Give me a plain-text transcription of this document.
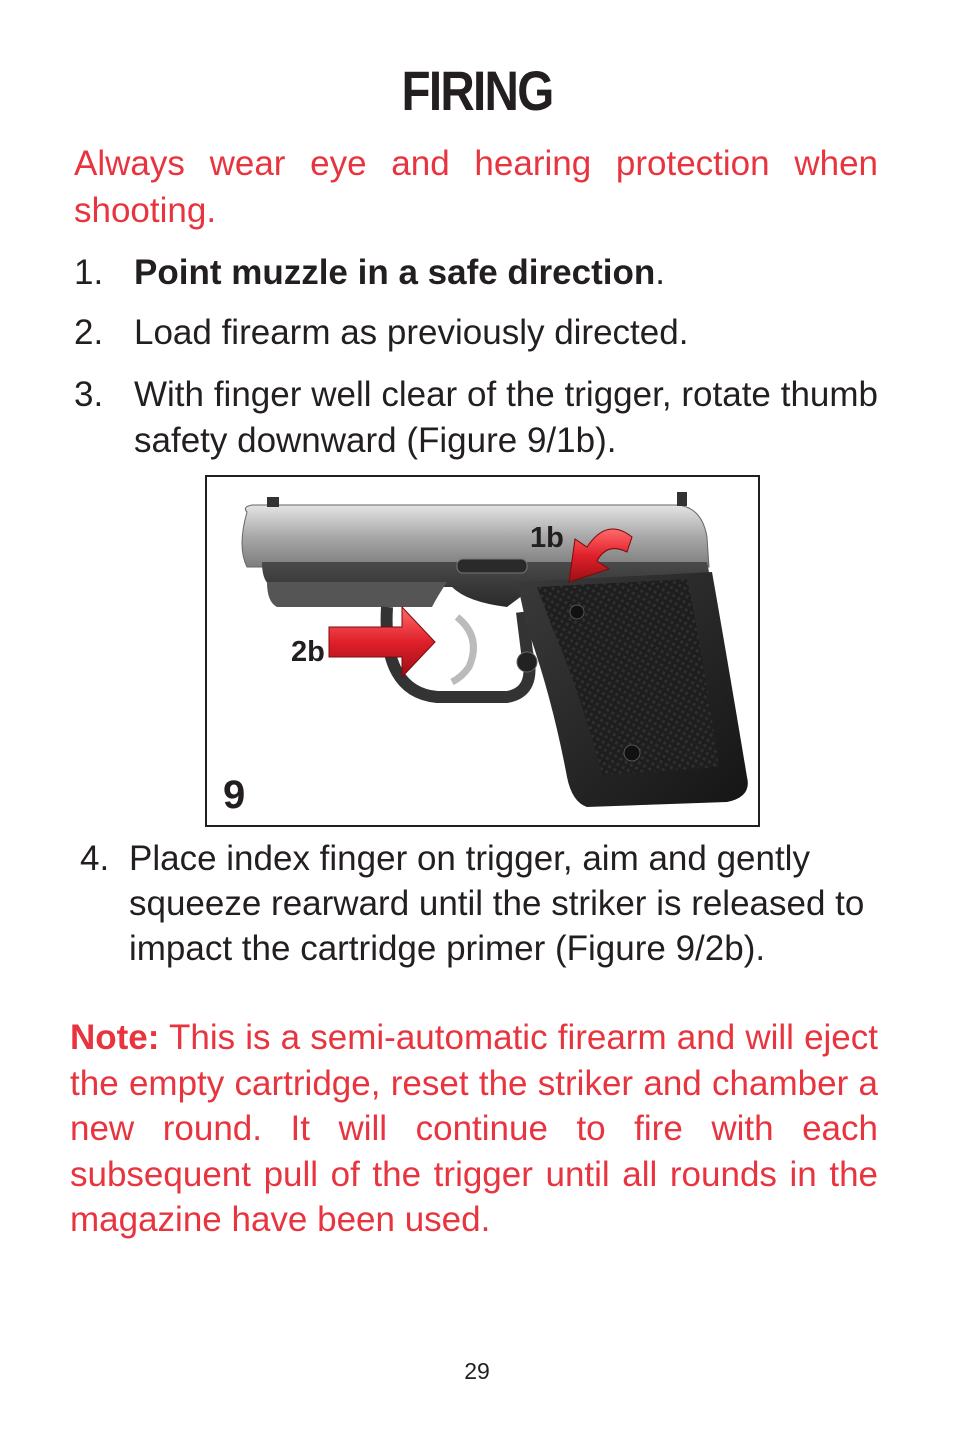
FIRING
Always wear eye and hearing protection when shooting.
1. Point muzzle in a safe direction.
2. Load firearm as previously directed.
3. With finger well clear of the trigger, rotate thumb safety downward (Figure 9/1b).
1b
2b
9
4. Place index finger on trigger, aim and gently squeeze rearward until the striker is released to impact the cartridge primer (Figure 9/2b).
Note: This is a semi-automatic firearm and will eject the empty cartridge, reset the striker and chamber a new round. It will continue to fire with each subsequent pull of the trigger until all rounds in the magazine have been used.
29
